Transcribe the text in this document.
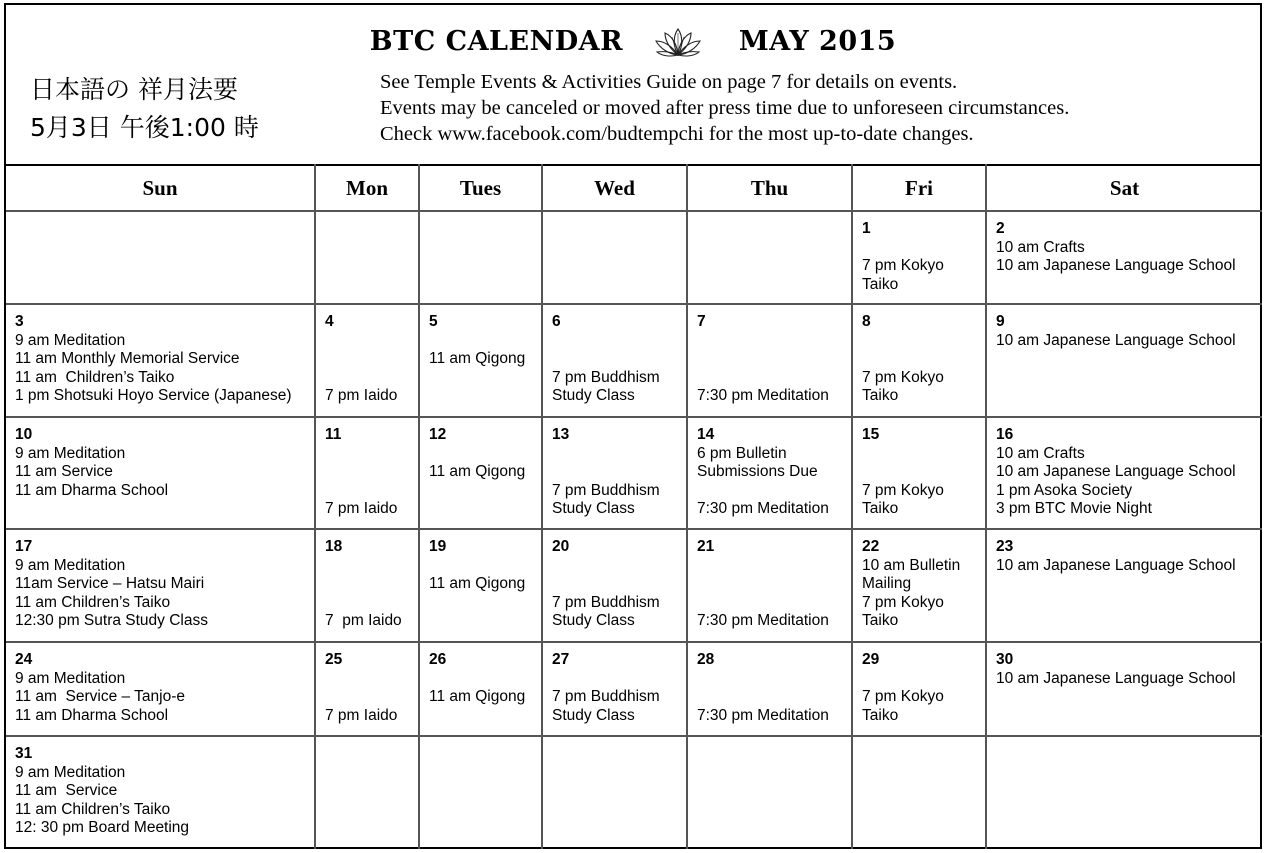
BTC CALENDAR	MAY 2015
日本語の 祥月法要
5月3日 午後1:00 時
See Temple Events & Activities Guide on page 7 for details on events.
Events may be canceled or moved after press time due to unforeseen circumstances.
Check www.facebook.com/budtempchi for the most up-to-date changes.
Sun	Mon	Tues	Wed	Thu	Fri	Sat

					1
7 pm Kokyo
Taiko	2
10 am Crafts
10 am Japanese Language School

3
9 am Meditation
11 am Monthly Memorial Service
11 am  Children’s Taiko
1 pm Shotsuki Hoyo Service (Japanese)	4
7 pm Iaido	5
11 am Qigong	6
7 pm Buddhism
Study Class	7
7:30 pm Meditation	8
7 pm Kokyo
Taiko	9
10 am Japanese Language School

10
9 am Meditation
11 am Service
11 am Dharma School	11
7 pm Iaido	12
11 am Qigong	13
7 pm Buddhism
Study Class	14
6 pm Bulletin
Submissions Due
7:30 pm Meditation	15
7 pm Kokyo
Taiko	16
10 am Crafts
10 am Japanese Language School
1 pm Asoka Society
3 pm BTC Movie Night

17
9 am Meditation
11am Service – Hatsu Mairi
11 am Children’s Taiko
12:30 pm Sutra Study Class	18
7  pm Iaido	19
11 am Qigong	20
7 pm Buddhism
Study Class	21
7:30 pm Meditation	22
10 am Bulletin
Mailing
7 pm Kokyo
Taiko	23
10 am Japanese Language School

24
9 am Meditation
11 am  Service – Tanjo-e
11 am Dharma School	25
7 pm Iaido	26
11 am Qigong	27
7 pm Buddhism
Study Class	28
7:30 pm Meditation	29
7 pm Kokyo
Taiko	30
10 am Japanese Language School

31
9 am Meditation
11 am  Service
11 am Children’s Taiko
12: 30 pm Board Meeting						
